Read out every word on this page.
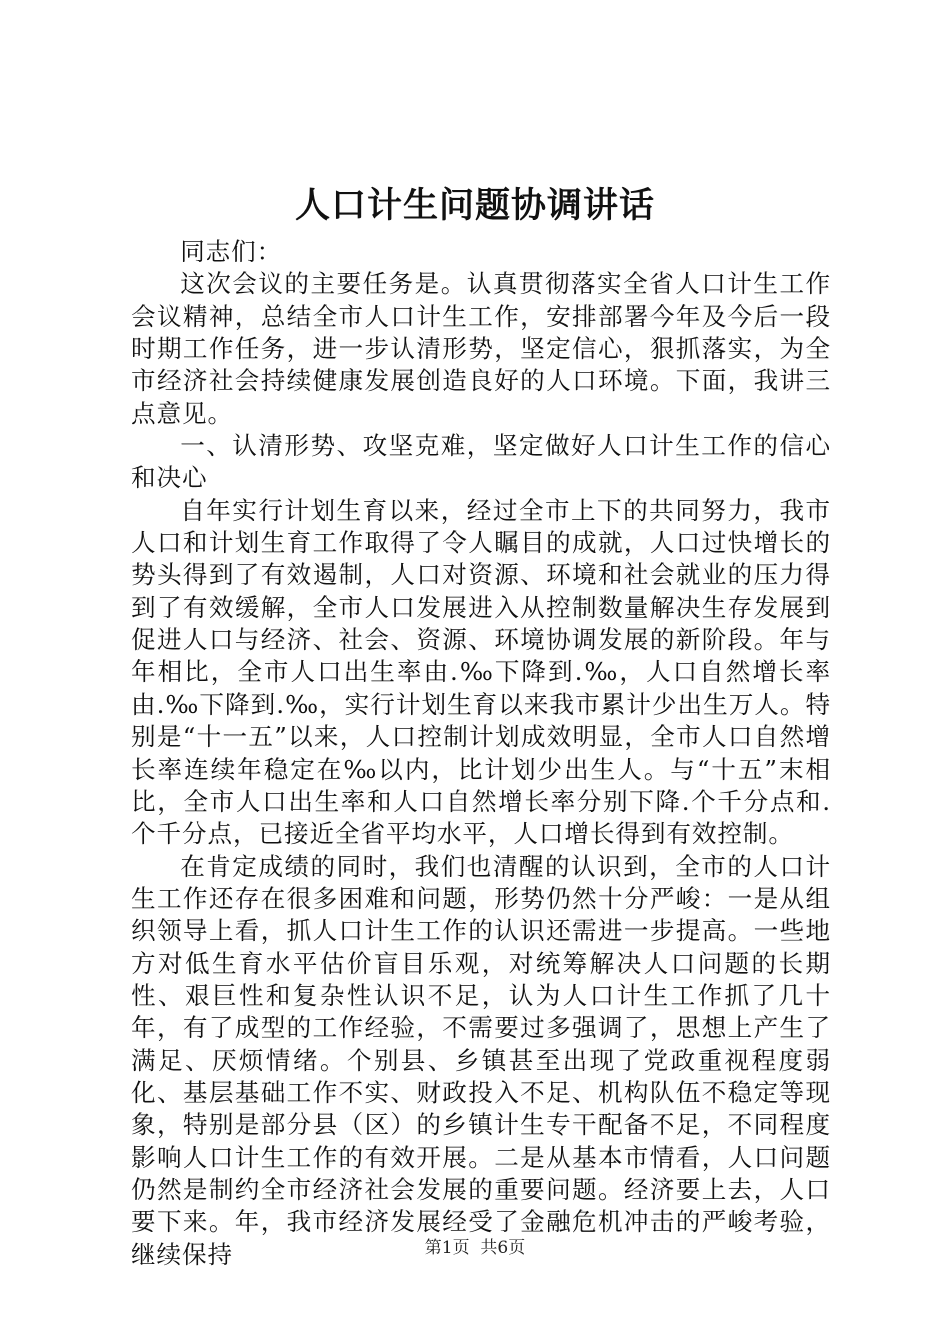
人口计生问题协调讲话

同志们：

这次会议的主要任务是。认真贯彻落实全省人口计生工作会议精神，总结全市人口计生工作，安排部署今年及今后一段时期工作任务，进一步认清形势，坚定信心，狠抓落实，为全市经济社会持续健康发展创造良好的人口环境。下面，我讲三点意见。

一、认清形势、攻坚克难，坚定做好人口计生工作的信心和决心

自年实行计划生育以来，经过全市上下的共同努力，我市人口和计划生育工作取得了令人瞩目的成就，人口过快增长的势头得到了有效遏制，人口对资源、环境和社会就业的压力得到了有效缓解，全市人口发展进入从控制数量解决生存发展到促进人口与经济、社会、资源、环境协调发展的新阶段。年与年相比，全市人口出生率由.‰下降到.‰，人口自然增长率由.‰下降到.‰，实行计划生育以来我市累计少出生万人。特别是“十一五”以来，人口控制计划成效明显，全市人口自然增长率连续年稳定在‰以内，比计划少出生人。与“十五”末相比，全市人口出生率和人口自然增长率分别下降.个千分点和.个千分点，已接近全省平均水平，人口增长得到有效控制。

在肯定成绩的同时，我们也清醒的认识到，全市的人口计生工作还存在很多困难和问题，形势仍然十分严峻：一是从组织领导上看，抓人口计生工作的认识还需进一步提高。一些地方对低生育水平估价盲目乐观，对统筹解决人口问题的长期性、艰巨性和复杂性认识不足，认为人口计生工作抓了几十年，有了成型的工作经验，不需要过多强调了，思想上产生了满足、厌烦情绪。个别县、乡镇甚至出现了党政重视程度弱化、基层基础工作不实、财政投入不足、机构队伍不稳定等现象，特别是部分县（区）的乡镇计生专干配备不足，不同程度影响人口计生工作的有效开展。二是从基本市情看，人口问题仍然是制约全市经济社会发展的重要问题。经济要上去，人口要下来。年，我市经济发展经受了金融危机冲击的严峻考验，继续保持	第1页 共6页
